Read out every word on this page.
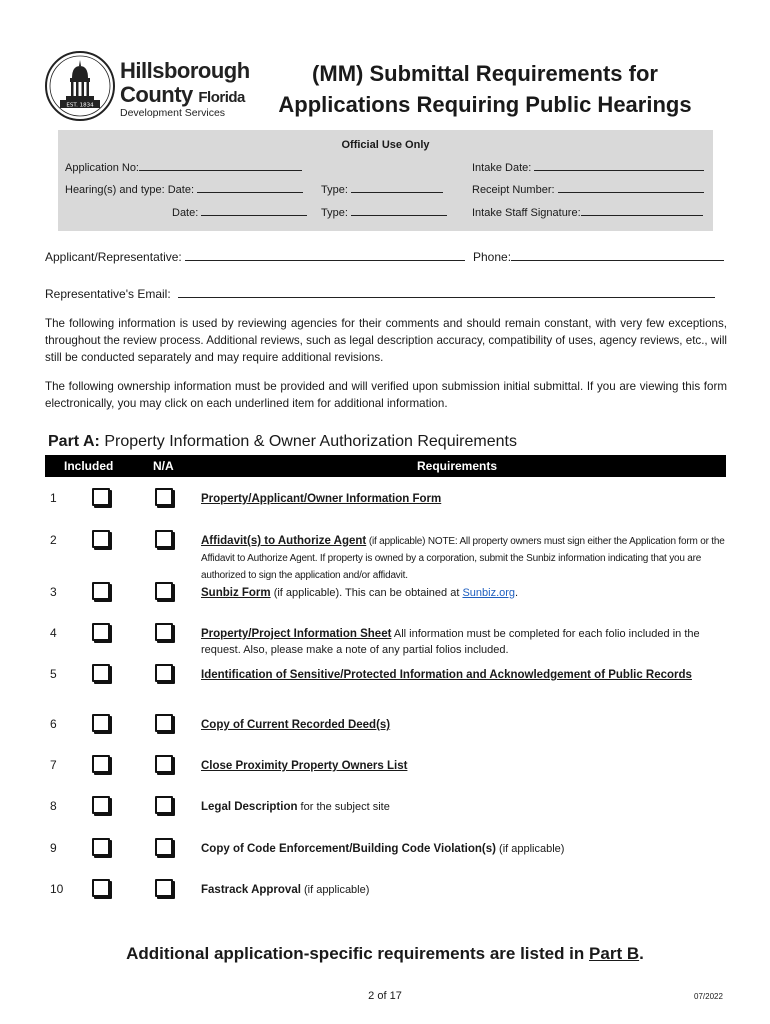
EST. 1834
Hillsborough
County Florida
Development Services
(MM) Submittal Requirements for
Applications Requiring Public Hearings
Official Use Only
Application No:
Hearing(s) and type: Date:
Date:
Type:
Type:
Intake Date:
Receipt Number:
Intake Staff Signature:
Applicant/Representative:	Phone:
Representative's Email:
The following information is used by reviewing agencies for their comments and should remain constant, with very few exceptions, throughout the review process. Additional reviews, such as legal description accuracy, compatibility of uses, agency reviews, etc., will still be conducted separately and may require additional revisions.
The following ownership information must be provided and will verified upon submission initial submittal. If you are viewing this form electronically, you may click on each underlined item for additional information.
Part A: Property Information & Owner Authorization Requirements
Included	N/A	Requirements
1	Property/Applicant/Owner Information Form
2	Affidavit(s) to Authorize Agent (if applicable) NOTE: All property owners must sign either the Application form or the Affidavit to Authorize Agent. If property is owned by a corporation, submit the Sunbiz information indicating that you are authorized to sign the application and/or affidavit.
3	Sunbiz Form (if applicable). This can be obtained at Sunbiz.org.
4	Property/Project Information Sheet All information must be completed for each folio included in the request. Also, please make a note of any partial folios included.
5	Identification of Sensitive/Protected Information and Acknowledgement of Public Records
6	Copy of Current Recorded Deed(s)
7	Close Proximity Property Owners List
8	Legal Description for the subject site
9	Copy of Code Enforcement/Building Code Violation(s) (if applicable)
10	Fastrack Approval (if applicable)
Additional application-specific requirements are listed in Part B.
2 of 17	07/2022
